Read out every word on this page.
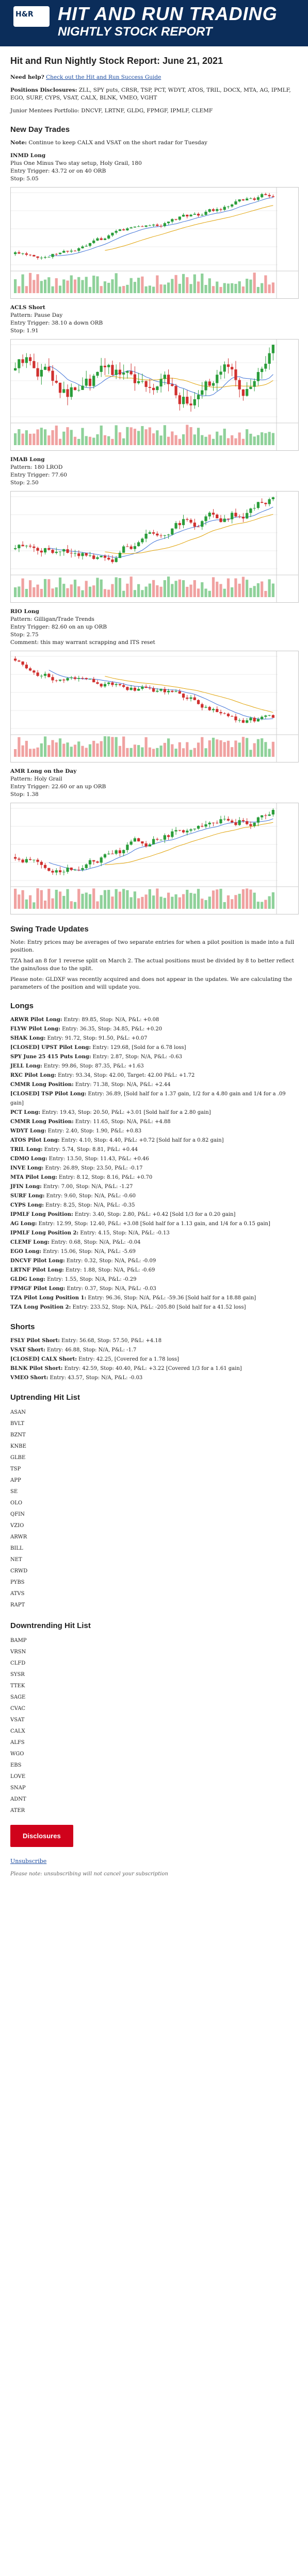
H&R HIT AND RUN TRADING
NIGHTLY STOCK REPORT
Hit and Run Nightly Stock Report: June 21, 2021

Need help? Check out the Hit and Run Success Guide

Positions Disclosures: ZLL, SPY puts, CRSR, TSP, PCT, WDYT, ATOS, TRIL, DOCX, MTA, AG, IPMLF, EGO, SURF, CYPS, VSAT, CALX, BLNK, VMEO, VGHT

Junior Mentees Portfolio: DNCVF, LRTNF, GLDG, FPMGF, IPMLF, CLEMF

New Day Trades

Note: Continue to keep CALX and VSAT on the short radar for Tuesday

INMD Long

Plus One Minus Two stay setup, Holy Grail, 180

Entry Trigger: 43.72 or on 40 ORB

Stop: 5.05

ACLS Short

Pattern: Pause Day

Entry Trigger: 38.10 a down ORB

Stop: 1.91

IMAB Long

Pattern: 180 LROD

Entry Trigger: 77.60

Stop: 2.50

RIO Long

Pattern: Gilligan/Trade Trends

Entry Trigger: 82.60 on an up ORB

Stop: 2.75

Comment: this may warrant scrapping and ITS reset

AMR Long on the Day

Pattern: Holy Grail

Entry Trigger: 22.60 or an up ORB

Stop: 1.38

Swing Trade Updates

Note: Entry prices may be averages of two separate entries for when a pilot position is made into a full position.

TZA had an 8 for 1 reverse split on March 2. The actual positions must be divided by 8 to better reflect the gains/loss due to the split.

Please note: GLDXF was recently acquired and does not appear in the updates. We are calculating the parameters of the position and will update you.

Longs
ARWR Pilot Long: Entry: 89.85, Stop: N/A, P&L: +0.08
FLYW Pilot Long: Entry: 36.35, Stop: 34.85, P&L: +0.20
SHAK Long: Entry: 91.72, Stop: 91.50, P&L: +0.07
[CLOSED] UPST Pilot Long: Entry: 129.68, [Sold for a 6.78 loss]
SPY June 25 415 Puts Long: Entry: 2.87, Stop: N/A, P&L: -0.63
JELL Long: Entry: 99.86, Stop: 87.35, P&L: +1.63
RXC Pilot Long: Entry: 93.34, Stop: 42.00, Target: 42.00 P&L: +1.72
CMMR Long Position: Entry: 71.38, Stop: N/A, P&L: +2.44
[CLOSED] TSP Pilot Long: Entry: 36.89, [Sold half for a 1.37 gain, 1/2 for a 4.80 gain and 1/4 for a .09 gain]
PCT Long: Entry: 19.43, Stop: 20.50, P&L: +3.01 [Sold half for a 2.80 gain]
CMMR Long Position: Entry: 11.65, Stop: N/A, P&L: +4.88
WDYT Long: Entry: 2.40, Stop: 1.90, P&L: +0.83
ATOS Pilot Long: Entry: 4.10, Stop: 4.40, P&L: +0.72 [Sold half for a 0.82 gain]
TRIL Long: Entry: 5.74, Stop: 8.81, P&L: +0.44
CDMO Long: Entry: 13.50, Stop: 11.43, P&L: +0.46
INVE Long: Entry: 26.89, Stop: 23.50, P&L: -0.17
MTA Pilot Long: Entry: 8.12, Stop: 8.16, P&L: +0.70
JFIN Long: Entry: 7.00, Stop: N/A, P&L: -1.27
SURF Long: Entry: 9.60, Stop: N/A, P&L: -0.60
CYPS Long: Entry: 8.25, Stop: N/A, P&L: -0.35
IPMLF Long Position: Entry: 3.40, Stop: 2.80, P&L: +0.42 [Sold 1/3 for a 0.20 gain]
AG Long: Entry: 12.99, Stop: 12.40, P&L: +3.08 [Sold half for a 1.13 gain, and 1/4 for a 0.15 gain]
IPMLF Long Position 2: Entry: 4.15, Stop: N/A, P&L: -0.13
CLEMF Long: Entry: 0.68, Stop: N/A, P&L: -0.04
EGO Long: Entry: 15.06, Stop: N/A, P&L: -5.69
DNCVF Pilot Long: Entry: 0.32, Stop: N/A, P&L: -0.09
LRTNF Pilot Long: Entry: 1.88, Stop: N/A, P&L: -0.69
GLDG Long: Entry: 1.55, Stop: N/A, P&L: -0.29
FPMGF Pilot Long: Entry: 0.37, Stop: N/A, P&L: -0.03
TZA Pilot Long Position 1: Entry: 96.36, Stop: N/A, P&L: -59.36 [Sold half for a 18.88 gain]
TZA Long Position 2: Entry: 233.52, Stop: N/A, P&L: -205.80 [Sold half for a 41.52 loss]
Shorts
FSLY Pilot Short: Entry: 56.68, Stop: 57.50, P&L: +4.18
VSAT Short: Entry: 46.88, Stop: N/A, P&L: -1.7
[CLOSED] CALX Short: Entry: 42.25, [Covered for a 1.78 loss]
BLNK Pilot Short: Entry: 42.59, Stop: 40.40, P&L: +3.22 [Covered 1/3 for a 1.61 gain]
VMEO Short: Entry: 43.57, Stop: N/A, P&L: -0.03
Uptrending Hit List
ASAN
BVLT
BZNT
KNBE
GLBE
TSP
APP
SE
OLO
QFIN
VZIO
ARWR
BILL
NET
CRWD
PYBS
ATVS
RAPT
Downtrending Hit List
BAMP
VRSN
CLFD
SYSR
TTEK
SAGE
CVAC
VSAT
CALX
ALFS
WGO
EBS
LOVE
SNAP
ADNT
ATER
Disclosures
Unsubscribe

Please note: unsubscribing will not cancel your subscription
